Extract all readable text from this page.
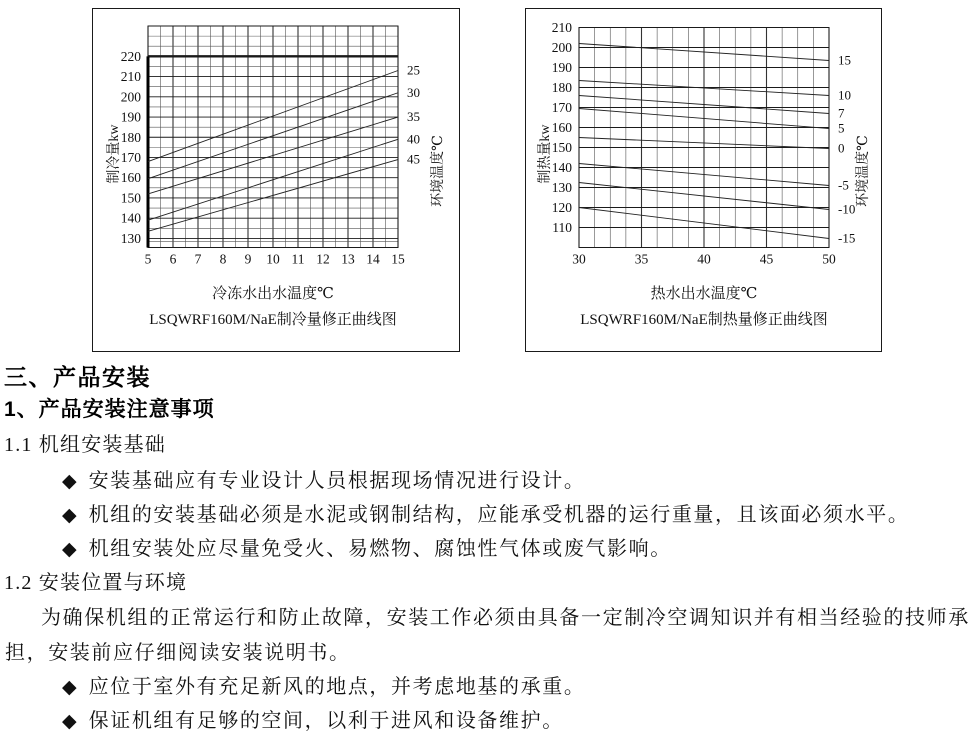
25
30
35
40
45
130
140
150
160
170
180
190
200
210
220
5 6 7 8 9 10 11 12 13 14 15
制冷量kw	环境温度℃
冷冻水出水温度℃
LSQWRF160M/NaE制冷量修正曲线图
15
10
7
5
0
-5
-10
-15
110
120
130
140
150
160
170
180
190
200
210
30	35	40	45	50
制热量kw	环境温度℃
热水出水温度℃
LSQWRF160M/NaE制热量修正曲线图
三、产品安装
1、产品安装注意事项
1.1 机组安装基础
◆ 安装基础应有专业设计人员根据现场情况进行设计。
◆ 机组的安装基础必须是水泥或钢制结构，应能承受机器的运行重量，且该面必须水平。
◆ 机组安装处应尽量免受火、易燃物、腐蚀性气体或废气影响。
1.2 安装位置与环境
为确保机组的正常运行和防止故障，安装工作必须由具备一定制冷空调知识并有相当经验的技师承
担，安装前应仔细阅读安装说明书。
◆ 应位于室外有充足新风的地点，并考虑地基的承重。
◆ 保证机组有足够的空间，以利于进风和设备维护。
